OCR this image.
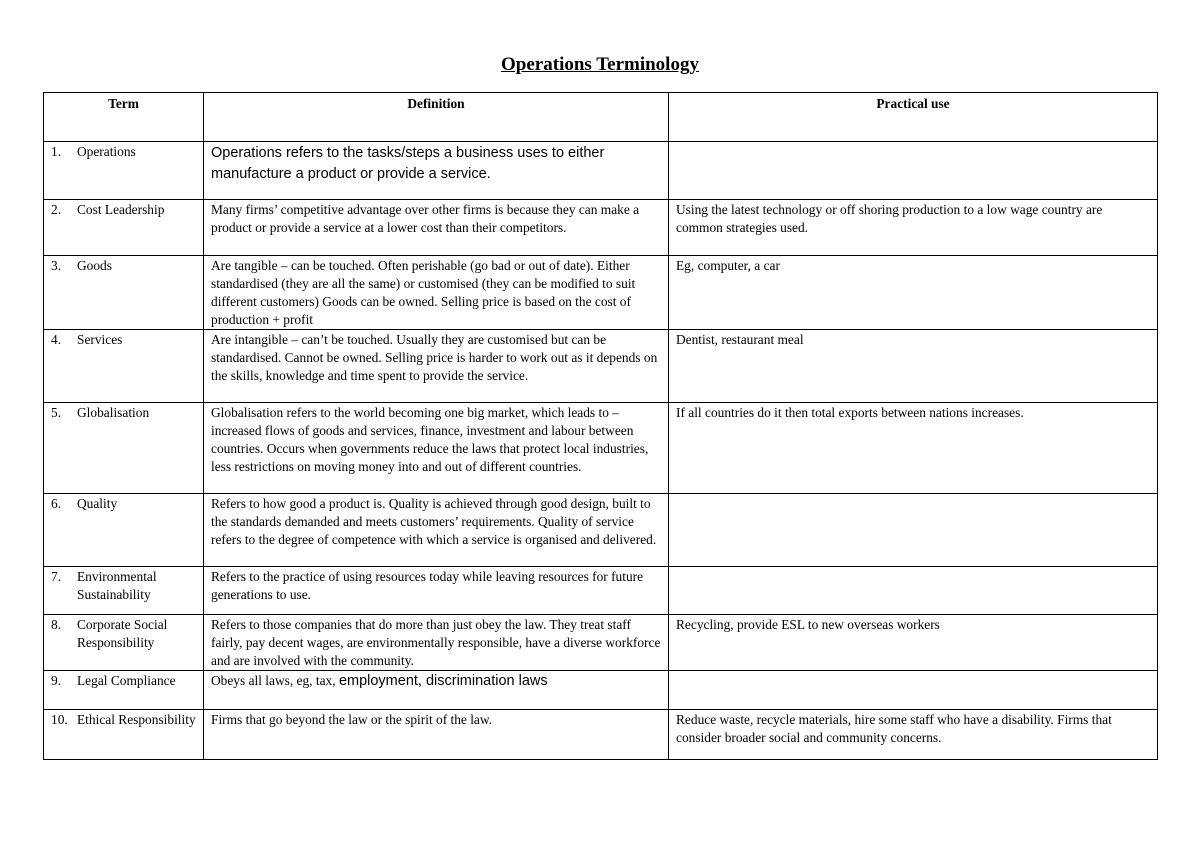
Operations Terminology
Term	Definition	Practical use

1. Operations	Operations refers to the tasks/steps a business uses to either manufacture a product or provide a service.	

2. Cost Leadership	Many firms’ competitive advantage over other firms is because they can make a product or provide a service at a lower cost than their competitors.	Using the latest technology or off shoring production to a low wage country are common strategies used.

3. Goods	Are tangible – can be touched. Often perishable (go bad or out of date). Either standardised (they are all the same) or customised (they can be modified to suit different customers) Goods can be owned. Selling price is based on the cost of production + profit	Eg, computer, a car

4. Services	Are intangible – can’t be touched. Usually they are customised but can be standardised. Cannot be owned. Selling price is harder to work out as it depends on the skills, knowledge and time spent to provide the service.	Dentist, restaurant meal

5. Globalisation	Globalisation refers to the world becoming one big market, which leads to – increased flows of goods and services, finance, investment and labour between countries. Occurs when governments reduce the laws that protect local industries, less restrictions on moving money into and out of different countries.	If all countries do it then total exports between nations increases.

6. Quality	Refers to how good a product is. Quality is achieved through good design, built to the standards demanded and meets customers’ requirements. Quality of service refers to the degree of competence with which a service is organised and delivered.	

7. Environmental Sustainability	Refers to the practice of using resources today while leaving resources for future generations to use.	

8. Corporate Social Responsibility	Refers to those companies that do more than just obey the law. They treat staff fairly, pay decent wages, are environmentally responsible, have a diverse workforce and are involved with the community.	Recycling, provide ESL to new overseas workers

9. Legal Compliance	Obeys all laws, eg, tax, employment, discrimination laws	

10. Ethical Responsibility	Firms that go beyond the law or the spirit of the law.	Reduce waste, recycle materials, hire some staff who have a disability. Firms that consider broader social and community concerns.
